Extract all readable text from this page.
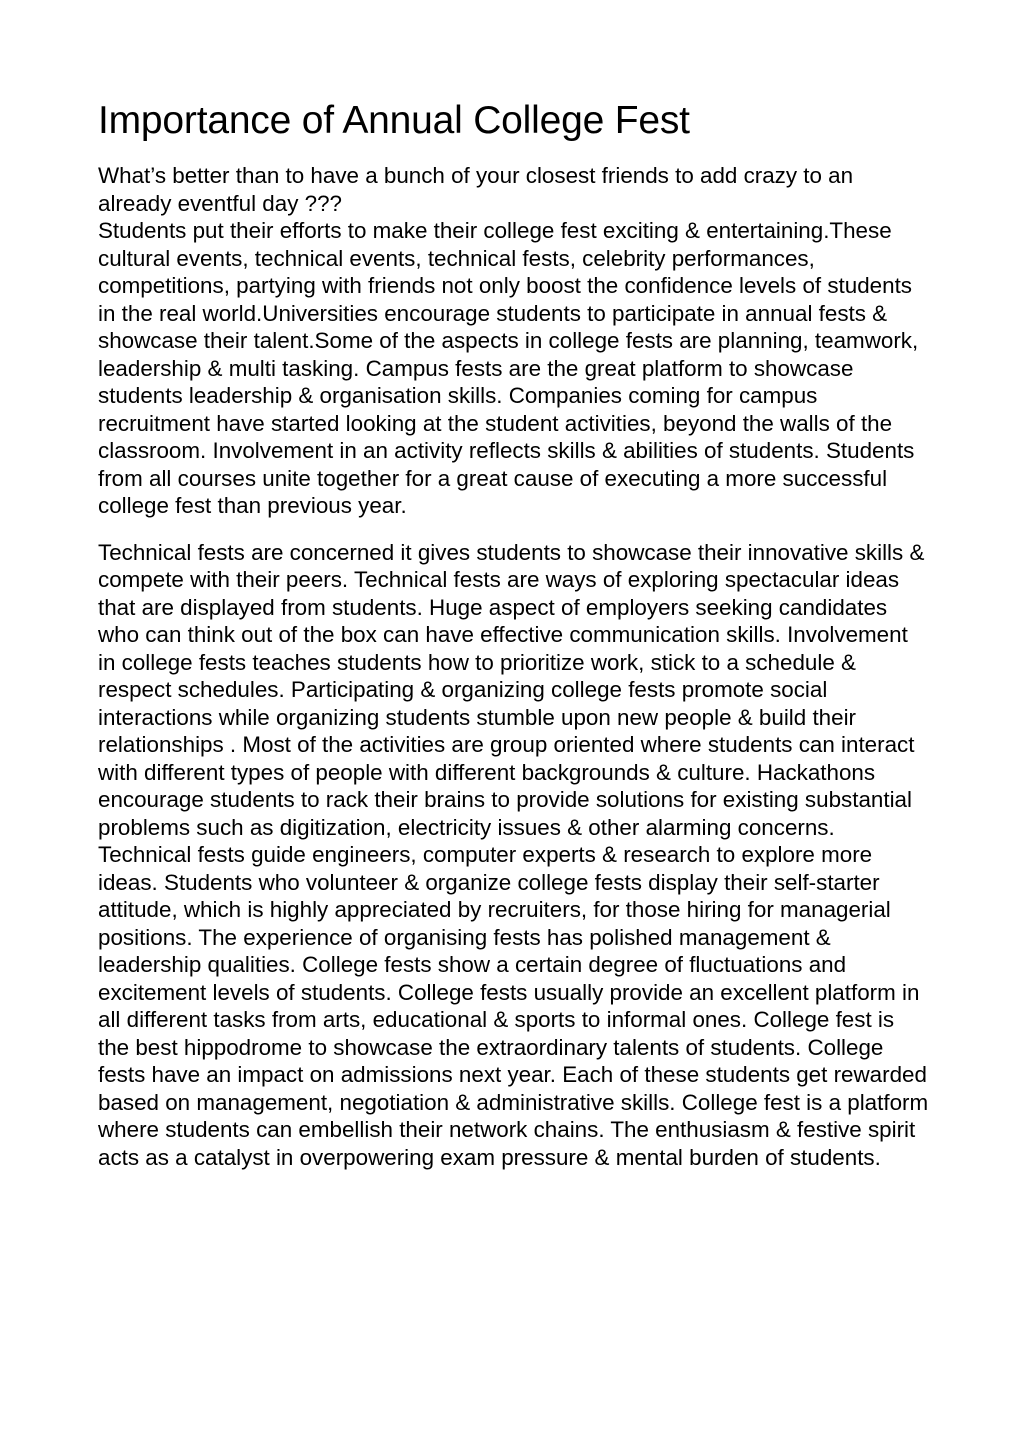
Importance of Annual College Fest

What’s better than to have a bunch of your closest friends to add crazy to an already eventful day ???
Students put their efforts to make their college fest exciting & entertaining.These cultural events, technical events, technical fests, celebrity performances, competitions, partying with friends not only boost the confidence levels of students in the real world.Universities encourage students to participate in annual fests & showcase their talent.Some of the aspects in college fests are planning, teamwork, leadership & multi tasking. Campus fests are the great platform to showcase students leadership & organisation skills. Companies coming for campus recruitment have started looking at the student activities, beyond the walls of the classroom. Involvement in an activity reflects skills & abilities of students. Students from all courses unite together for a great cause of executing a more successful college fest than previous year.

Technical fests are concerned it gives students to showcase their innovative skills & compete with their peers. Technical fests are ways of exploring spectacular ideas that are displayed from students. Huge aspect of employers seeking candidates who can think out of the box can have effective communication skills. Involvement in college fests teaches students how to prioritize work, stick to a schedule & respect schedules. Participating & organizing college fests promote social interactions while organizing students stumble upon new people & build their relationships . Most of the activities are group oriented where students can interact with different types of people with different backgrounds & culture. Hackathons encourage students to rack their brains to provide solutions for existing substantial problems such as digitization, electricity issues & other alarming concerns. Technical fests guide engineers, computer experts & research to explore more ideas. Students who volunteer & organize college fests display their self-starter attitude, which is highly appreciated by recruiters, for those hiring for managerial positions. The experience of organising fests has polished management & leadership qualities. College fests show a certain degree of fluctuations and excitement levels of students. College fests usually provide an excellent platform in all different tasks from arts, educational & sports to informal ones. College fest is the best hippodrome to showcase the extraordinary talents of students. College fests have an impact on admissions next year. Each of these students get rewarded based on management, negotiation & administrative skills. College fest is a platform where students can embellish their network chains. The enthusiasm & festive spirit acts as a catalyst in overpowering exam pressure & mental burden of students.
